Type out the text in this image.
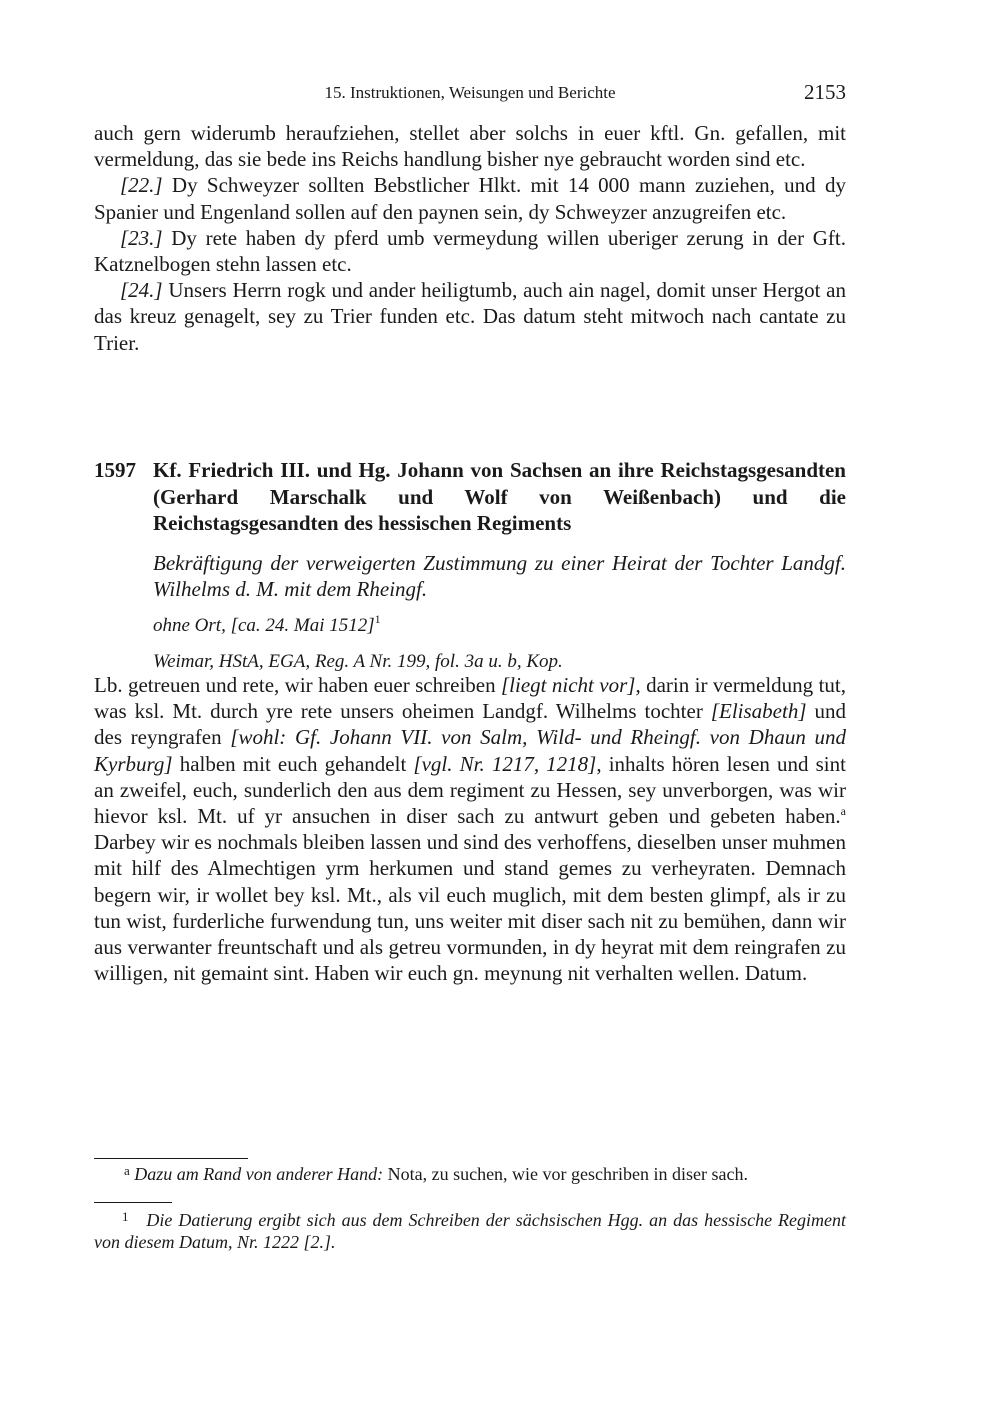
15. Instruktionen, Weisungen und Berichte	2153

auch gern widerumb heraufziehen, stellet aber solchs in euer kftl. Gn. gefallen, mit vermeldung, das sie bede ins Reichs handlung bisher nye gebraucht worden sind etc.

[22.] Dy Schweyzer sollten Bebstlicher Hlkt. mit 14 000 mann zuziehen, und dy Spanier und Engenland sollen auf den paynen sein, dy Schweyzer anzugreifen etc.

[23.] Dy rete haben dy pferd umb vermeydung willen uberiger zerung in der Gft. Katznelbogen stehn lassen etc.

[24.] Unsers Herrn rogk und ander heiligtumb, auch ain nagel, domit unser Hergot an das kreuz genagelt, sey zu Trier funden etc. Das datum steht mitwoch nach cantate zu Trier.

1597 Kf. Friedrich III. und Hg. Johann von Sachsen an ihre Reichstagsgesandten (Gerhard Marschalk und Wolf von Weißenbach) und die Reichstagsgesandten des hessischen Regiments
Bekräftigung der verweigerten Zustimmung zu einer Heirat der Tochter Landgf. Wilhelms d. M. mit dem Rheingf.
ohne Ort, [ca. 24. Mai 1512]$^1$
Weimar, HStA, EGA, Reg. A Nr. 199, fol. 3a u. b, Kop.

Lb. getreuen und rete, wir haben euer schreiben [liegt nicht vor], darin ir vermeldung tut, was ksl. Mt. durch yre rete unsers oheimen Landgf. Wilhelms tochter [Elisabeth] und des reyngrafen [wohl: Gf. Johann VII. von Salm, Wild- und Rheingf. von Dhaun und Kyrburg] halben mit euch gehandelt [vgl. Nr. 1217, 1218], inhalts hören lesen und sint an zweifel, euch, sunderlich den aus dem regiment zu Hessen, sey unverborgen, was wir hievor ksl. Mt. uf yr ansuchen in diser sach zu antwurt geben und gebeten haben.$^a$ Darbey wir es nochmals bleiben lassen und sind des verhoffens, dieselben unser muhmen mit hilf des Almechtigen yrm herkumen und stand gemes zu verheyraten. Demnach begern wir, ir wollet bey ksl. Mt., als vil euch muglich, mit dem besten glimpf, als ir zu tun wist, furderliche furwendung tun, uns weiter mit diser sach nit zu bemühen, dann wir aus verwanter freuntschaft und als getreu vormunden, in dy heyrat mit dem reingrafen zu willigen, nit gemaint sint. Haben wir euch gn. meynung nit verhalten wellen. Datum.

$^a$ Dazu am Rand von anderer Hand: Nota, zu suchen, wie vor geschriben in diser sach.
$^1$ Die Datierung ergibt sich aus dem Schreiben der sächsischen Hgg. an das hessische Regiment von diesem Datum, Nr. 1222 [2.].
